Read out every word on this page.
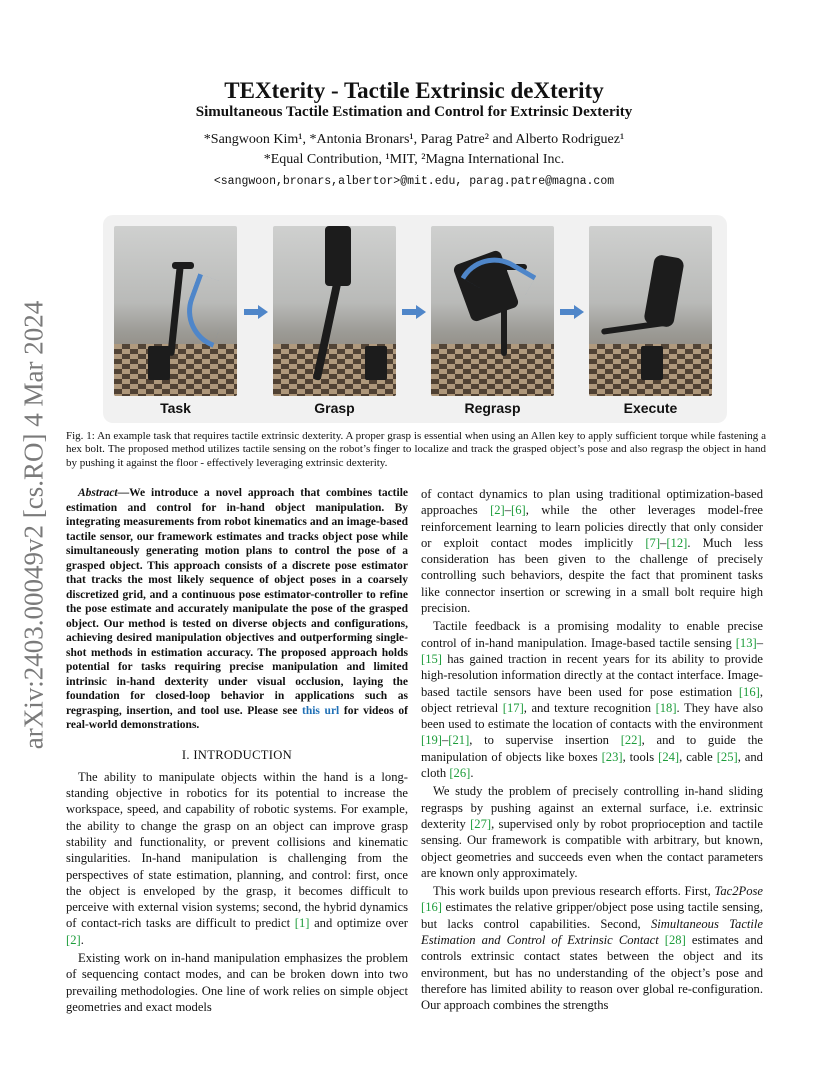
arXiv:2403.00049v2 [cs.RO] 4 Mar 2024
TEXterity - Tactile Extrinsic deXterity
Simultaneous Tactile Estimation and Control for Extrinsic Dexterity
*Sangwoon Kim¹, *Antonia Bronars¹, Parag Patre² and Alberto Rodriguez¹
*Equal Contribution, ¹MIT, ²Magna International Inc.
<sangwoon,bronars,albertor>@mit.edu, parag.patre@magna.com
Task	Grasp	Regrasp	Execute

Fig. 1: An example task that requires tactile extrinsic dexterity. A proper grasp is essential when using an Allen key to apply sufficient torque while fastening a hex bolt. The proposed method utilizes tactile sensing on the robot’s finger to localize and track the grasped object’s pose and also regrasp the object in hand by pushing it against the floor - effectively leveraging extrinsic dexterity.

Abstract—We introduce a novel approach that combines tactile estimation and control for in-hand object manipulation. By integrating measurements from robot kinematics and an image-based tactile sensor, our framework estimates and tracks object pose while simultaneously generating motion plans to control the pose of a grasped object. This approach consists of a discrete pose estimator that tracks the most likely sequence of object poses in a coarsely discretized grid, and a continuous pose estimator-controller to refine the pose estimate and accurately manipulate the pose of the grasped object. Our method is tested on diverse objects and configurations, achieving desired manipulation objectives and outperforming single-shot methods in estimation accuracy. The proposed approach holds potential for tasks requiring precise manipulation and limited intrinsic in-hand dexterity under visual occlusion, laying the foundation for closed-loop behavior in applications such as regrasping, insertion, and tool use. Please see this url for videos of real-world demonstrations.

I. INTRODUCTION

The ability to manipulate objects within the hand is a long-standing objective in robotics for its potential to increase the workspace, speed, and capability of robotic systems. For example, the ability to change the grasp on an object can improve grasp stability and functionality, or prevent collisions and kinematic singularities. In-hand manipulation is challenging from the perspectives of state estimation, planning, and control: first, once the object is enveloped by the grasp, it becomes difficult to perceive with external vision systems; second, the hybrid dynamics of contact-rich tasks are difficult to predict [1] and optimize over [2].

Existing work on in-hand manipulation emphasizes the problem of sequencing contact modes, and can be broken down into two prevailing methodologies. One line of work relies on simple object geometries and exact models

of contact dynamics to plan using traditional optimization-based approaches [2]–[6], while the other leverages model-free reinforcement learning to learn policies directly that only consider or exploit contact modes implicitly [7]–[12]. Much less consideration has been given to the challenge of precisely controlling such behaviors, despite the fact that prominent tasks like connector insertion or screwing in a small bolt require high precision.

Tactile feedback is a promising modality to enable precise control of in-hand manipulation. Image-based tactile sensing [13]–[15] has gained traction in recent years for its ability to provide high-resolution information directly at the contact interface. Image-based tactile sensors have been used for pose estimation [16], object retrieval [17], and texture recognition [18]. They have also been used to estimate the location of contacts with the environment [19]–[21], to supervise insertion [22], and to guide the manipulation of objects like boxes [23], tools [24], cable [25], and cloth [26].

We study the problem of precisely controlling in-hand sliding regrasps by pushing against an external surface, i.e. extrinsic dexterity [27], supervised only by robot proprioception and tactile sensing. Our framework is compatible with arbitrary, but known, object geometries and succeeds even when the contact parameters are known only approximately.

This work builds upon previous research efforts. First, Tac2Pose [16] estimates the relative gripper/object pose using tactile sensing, but lacks control capabilities. Second, Simultaneous Tactile Estimation and Control of Extrinsic Contact [28] estimates and controls extrinsic contact states between the object and its environment, but has no understanding of the object’s pose and therefore has limited ability to reason over global re-configuration. Our approach combines the strengths
